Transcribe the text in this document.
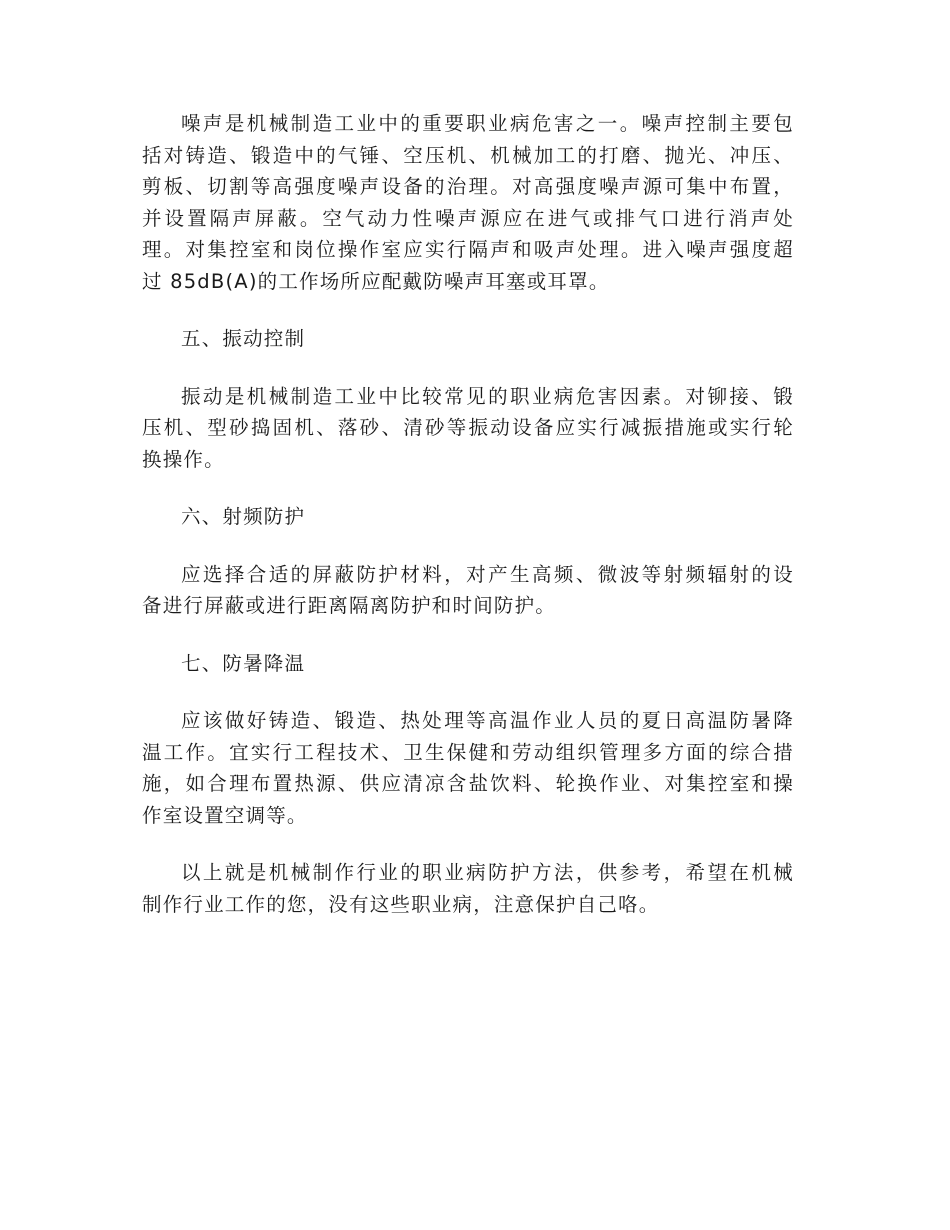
噪声是机械制造工业中的重要职业病危害之一。噪声控制主要包
括对铸造、锻造中的气锤、空压机、机械加工的打磨、抛光、冲压、
剪板、切割等高强度噪声设备的治理。对高强度噪声源可集中布置，
并设置隔声屏蔽。空气动力性噪声源应在进气或排气口进行消声处
理。对集控室和岗位操作室应实行隔声和吸声处理。进入噪声强度超
过 85dB(A)的工作场所应配戴防噪声耳塞或耳罩。
五、振动控制
振动是机械制造工业中比较常见的职业病危害因素。对铆接、锻
压机、型砂捣固机、落砂、清砂等振动设备应实行减振措施或实行轮
换操作。
六、射频防护
应选择合适的屏蔽防护材料，对产生高频、微波等射频辐射的设
备进行屏蔽或进行距离隔离防护和时间防护。
七、防暑降温
应该做好铸造、锻造、热处理等高温作业人员的夏日高温防暑降
温工作。宜实行工程技术、卫生保健和劳动组织管理多方面的综合措
施，如合理布置热源、供应清凉含盐饮料、轮换作业、对集控室和操
作室设置空调等。
以上就是机械制作行业的职业病防护方法，供参考，希望在机械
制作行业工作的您，没有这些职业病，注意保护自己咯。
